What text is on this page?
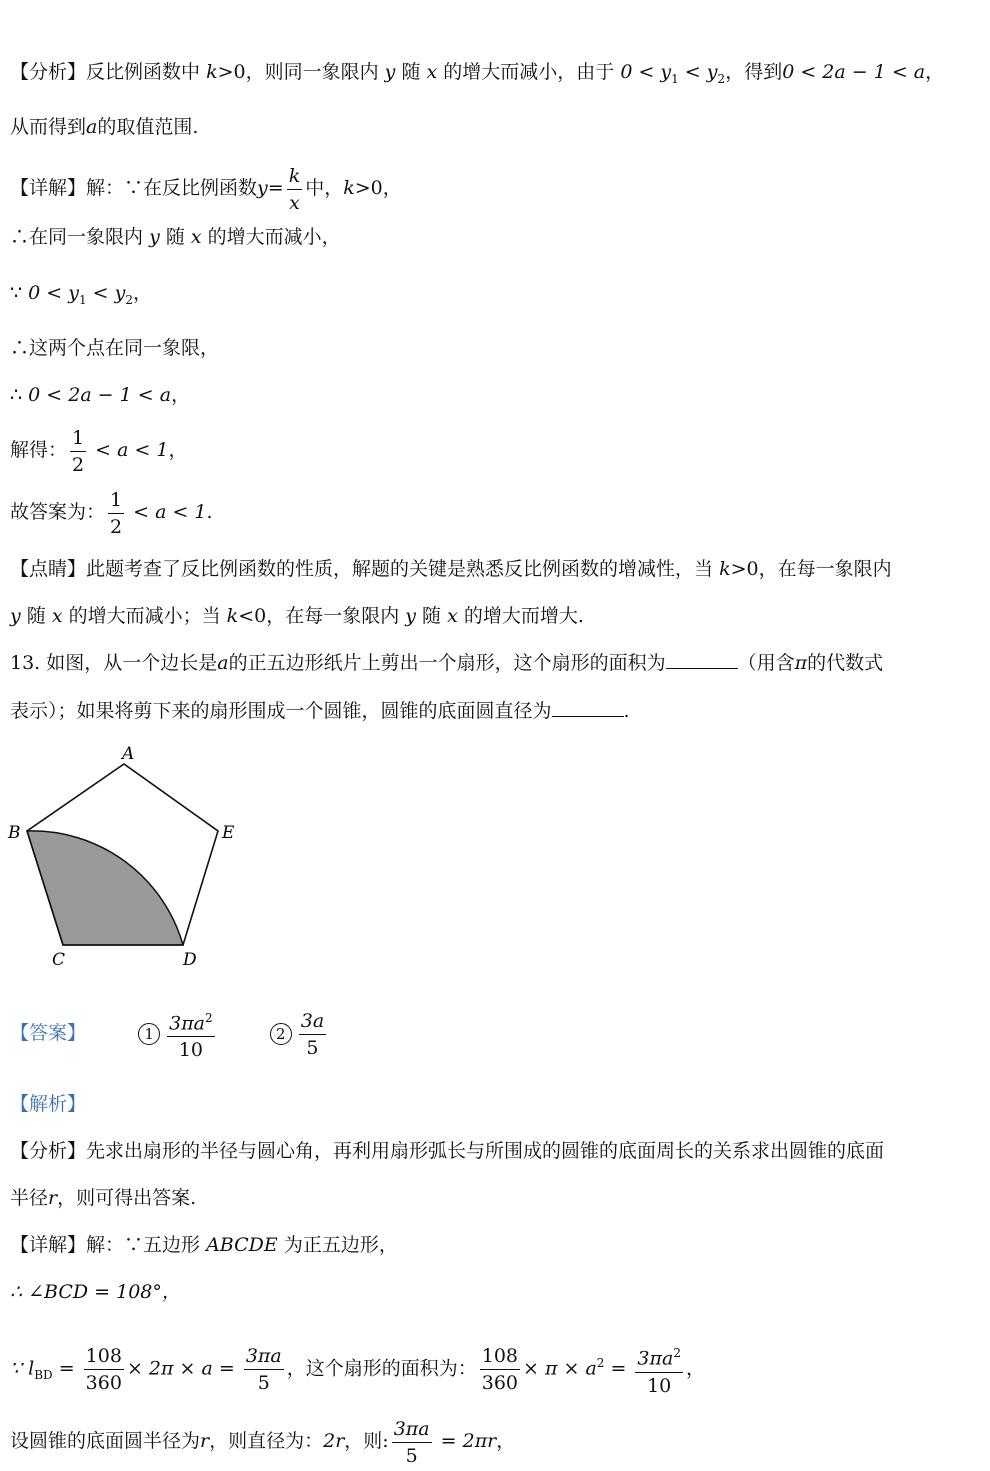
【分析】反比例函数中 k>0，则同一象限内 y 随 x 的增大而减小，由于 $0 < y_1 < y_2$，得到0 < 2a − 1 < a，
从而得到a的取值范围.
【详解】解：∵在反比例函数$y= \frac{k}{x}$ 中，k>0，
∴在同一象限内 y 随 x 的增大而减小，
∵ $0 < y_1 < y_2$，
∴这两个点在同一象限，
∴ 0 < 2a − 1 < a，
解得： $\frac{1}{2} < a < 1$，
故答案为： $\frac{1}{2} < a < 1$.
【点睛】此题考查了反比例函数的性质，解题的关键是熟悉反比例函数的增减性，当 k>0，在每一象限内
y 随 x 的增大而减小；当 k<0，在每一象限内 y 随 x 的增大而增大.
13. 如图，从一个边长是a的正五边形纸片上剪出一个扇形，这个扇形的面积为	（用含π的代数式
表示）；如果将剪下来的扇形围成一个圆锥，圆锥的底面圆直径为	.
A
B	E
C	D
【答案】	$1 \frac{3\pi a^2}{10}$	$2 \frac{3a}{5}$
【解析】
【分析】先求出扇形的半径与圆心角，再利用扇形弧长与所围成的圆锥的底面周长的关系求出圆锥的底面
半径r，则可得出答案.
【详解】解：∵五边形 ABCDE 为正五边形，
∴ ∠BCD = 108°，
∵ $l_{BD} = \frac{108}{360} \times 2\pi \times a = \frac{3\pi a}{5}$ ，这个扇形的面积为： $\frac{108}{360} \times \pi \times a^2 = \frac{3\pi a^2}{10}$ ，
设圆锥的底面圆半径为r，则直径为：2r，则: $\frac{3\pi a}{5} = 2\pi r$，
